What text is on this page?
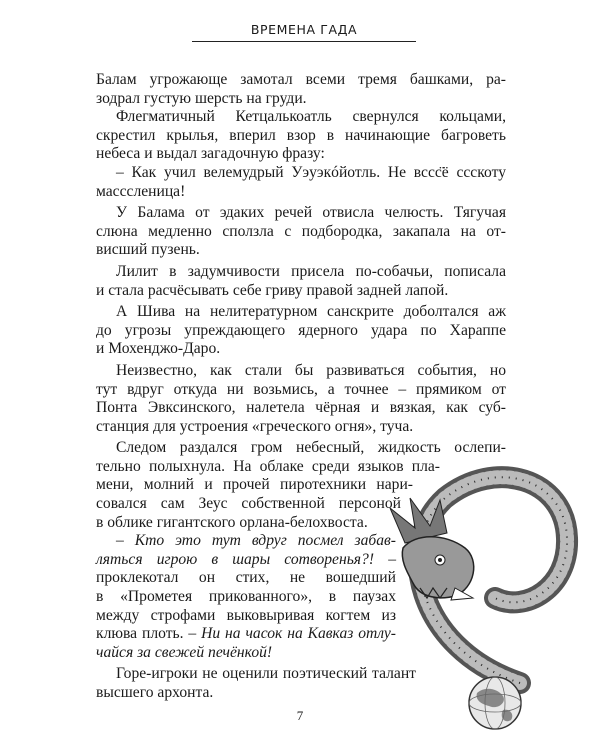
ВРЕМЕНА ГАДА
Балам угрожающе замотал всеми тремя башками, ра-
зодрал густую шерсть на груди.
Флегматичный Кетцалькоатль свернулся кольцами,
скрестил крылья, вперил взор в начинающие багроветь
небеса и выдал загадочную фразу:
– Как учил велемудрый Уэуэкóйотль. Не вссс̈ё ссскоту
масссленица!
У Балама от эдаких речей отвисла челюсть. Тягучая
слюна медленно сползла с подбородка, закапала на от-
висший пузень.
Лилит в задумчивости присела по-собачьи, пописала
и стала расчёсывать себе гриву правой задней лапой.
А Шива на нелитературном санскрите доболтался аж
до угрозы упреждающего ядерного удара по Хараппе
и Мохенджо-Даро.
Неизвестно, как стали бы развиваться события, но
тут вдруг откуда ни возьмись, а точнее – прямиком от
Понта Эвксинского, налетела чёрная и вязкая, как суб-
станция для устроения «греческого огня», туча.
Следом раздался гром небесный, жидкость ослепи-
тельно полыхнула. На облаке среди языков пла-
мени, молний и прочей пиротехники нари-
совался сам Зеус собственной персоной
в облике гигантского орлана-белохвоста.
– Кто это тут вдруг посмел забав-
ляться игрою в шары сотворенья?! –
проклекотал он стих, не вошедший
в «Прометея прикованного», в паузах
между строфами выковыривая когтем из
клюва плоть. – Ни на часок на Кавказ отлу-
чайся за свежей печёнкой!
Горе-игроки не оценили поэтический талант
высшего архонта.
7
